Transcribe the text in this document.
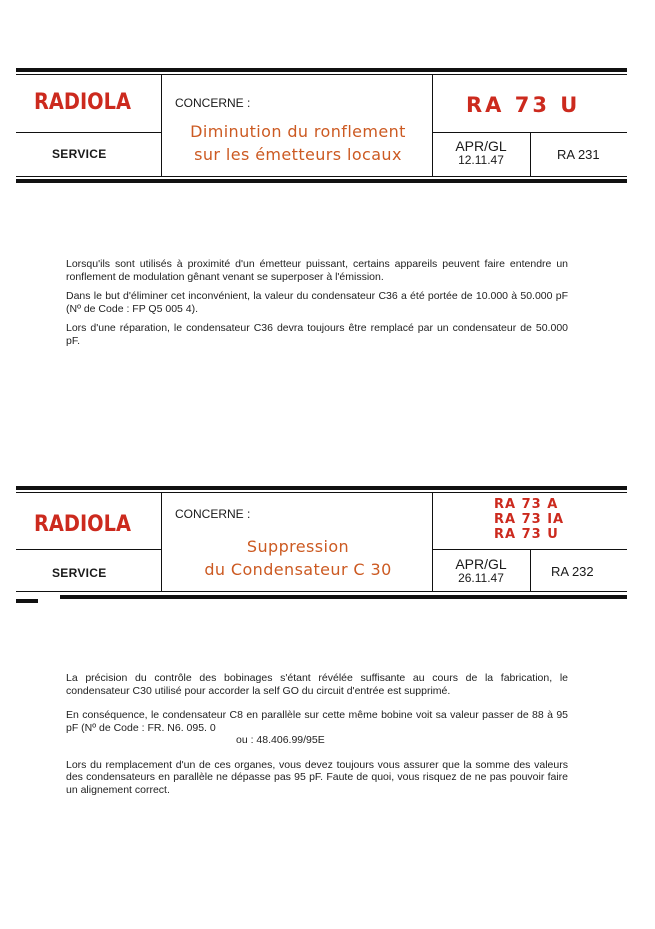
RADIOLA
SERVICE
CONCERNE :
Diminution du ronflement
sur les émetteurs locaux
RA 73 U
APR/GL
12.11.47	RA 231

Lorsqu'ils sont utilisés à proximité d'un émetteur puissant, certains appareils peuvent faire entendre un ronflement de modulation gênant venant se superposer à l'émission.

Dans le but d'éliminer cet inconvénient, la valeur du condensateur C36 a été portée de 10.000 à 50.000 pF (Nº de Code : FP Q5 005 4).

Lors d'une réparation, le condensateur C36 devra toujours être remplacé par un condensateur de 50.000 pF.

RADIOLA
SERVICE
CONCERNE :
Suppression
du Condensateur C 30
RA 73 A
RA 73 IA
RA 73 U
APR/GL
26.11.47	RA 232

La précision du contrôle des bobinages s'étant révélée suffisante au cours de la fabrication, le condensateur C30 utilisé pour accorder la self GO du circuit d'entrée est supprimé.

En conséquence, le condensateur C8 en parallèle sur cette même bobine voit sa valeur passer de 88 à 95 pF (Nº de Code : FR. N6. 095. 0
ou : 48.406.99/95E

Lors du remplacement d'un de ces organes, vous devez toujours vous assurer que la somme des valeurs des condensateurs en parallèle ne dépasse pas 95 pF. Faute de quoi, vous risquez de ne pas pouvoir faire un alignement correct.
